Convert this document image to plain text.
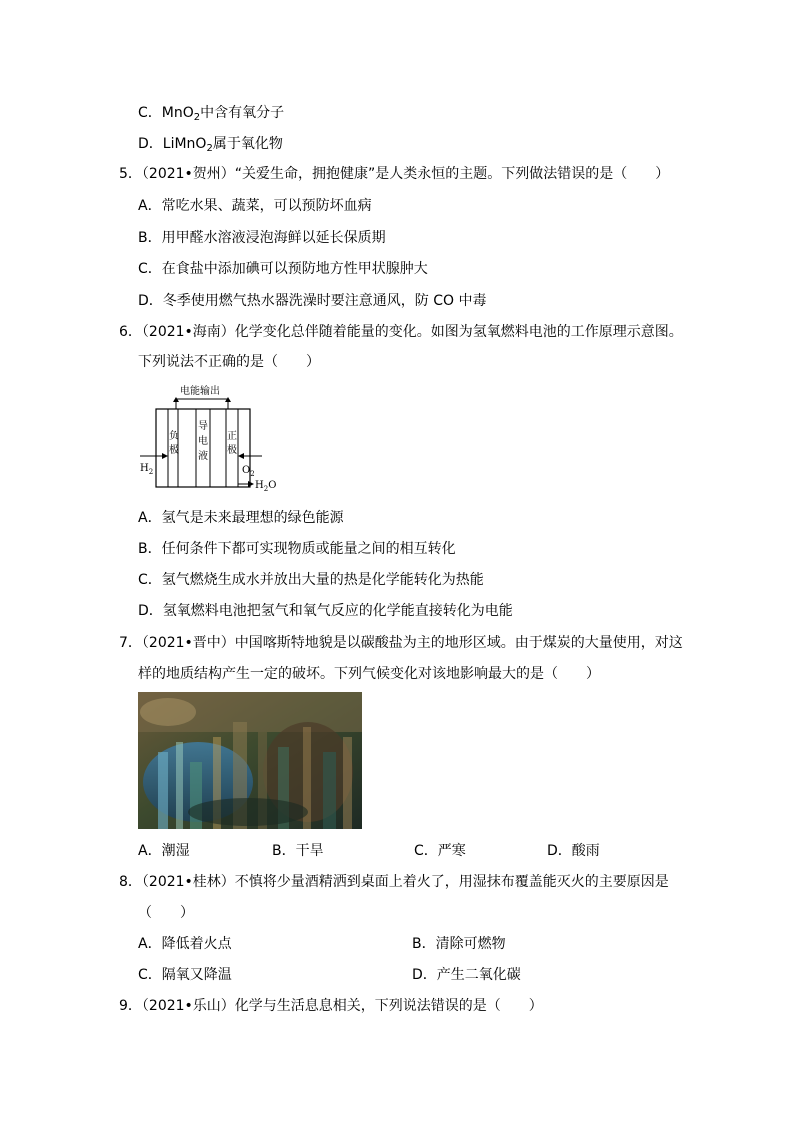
C．MnO$_2$中含有氧分子
D．LiMnO$_2$属于氧化物
5．（2021•贺州）“关爱生命，拥抱健康”是人类永恒的主题。下列做法错误的是（　　）
A．常吃水果、蔬菜，可以预防坏血病
B．用甲醛水溶液浸泡海鲜以延长保质期
C．在食盐中添加碘可以预防地方性甲状腺肿大
D．冬季使用燃气热水器洗澡时要注意通风，防 CO 中毒
6．（2021•海南）化学变化总伴随着能量的变化。如图为氢氧燃料电池的工作原理示意图。
下列说法不正确的是（　　）
电能输出
负
极
导
电
液
正
极
$H_2$	$O_2$
$H_2O$
A．氢气是未来最理想的绿色能源
B．任何条件下都可实现物质或能量之间的相互转化
C．氢气燃烧生成水并放出大量的热是化学能转化为热能
D．氢氧燃料电池把氢气和氧气反应的化学能直接转化为电能
7．（2021•晋中）中国喀斯特地貌是以碳酸盐为主的地形区域。由于煤炭的大量使用，对这
样的地质结构产生一定的破坏。下列气候变化对该地影响最大的是（　　）
A．潮湿	B．干旱	C．严寒	D．酸雨
8．（2021•桂林）不慎将少量酒精洒到桌面上着火了，用湿抹布覆盖能灭火的主要原因是
（　　）
A．降低着火点	B．清除可燃物
C．隔氧又降温	D．产生二氧化碳
9．（2021•乐山）化学与生活息息相关，下列说法错误的是（　　）
